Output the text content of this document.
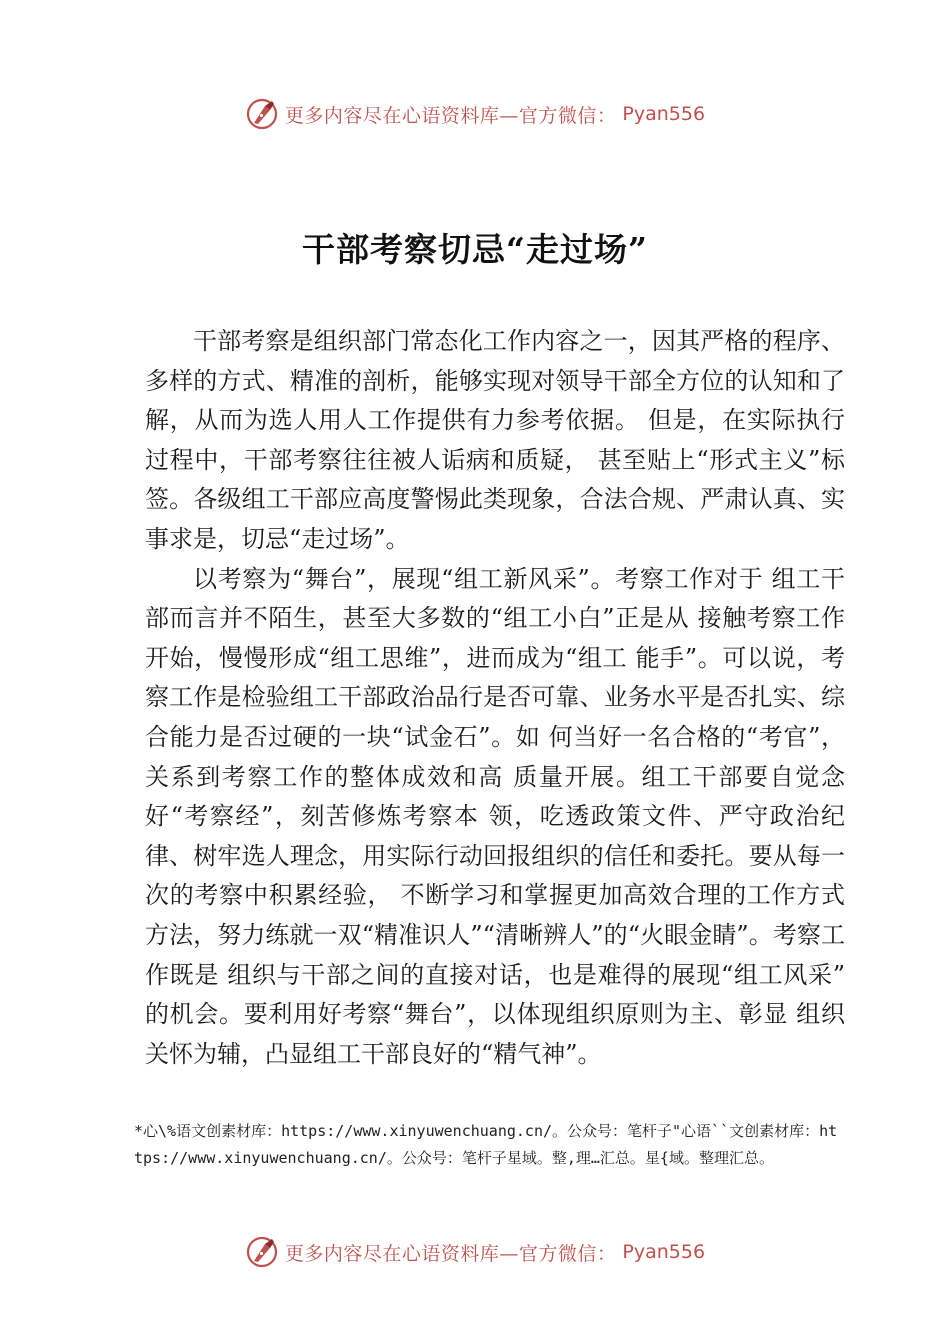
更多内容尽在心语资料库—官方微信： Pyan556
干部考察切忌“走过场”

干部考察是组织部门常态化工作内容之一，因其严格的程序、多样的方式、精准的剖析，能够实现对领导干部全方位的认知和了解，从而为选人用人工作提供有力参考依据。 但是，在实际执行过程中，干部考察往往被人诟病和质疑， 甚至贴上“形式主义”标签。各级组工干部应高度警惕此类现象，合法合规、严肃认真、实事求是，切忌“走过场”。

以考察为“舞台”，展现“组工新风采”。考察工作对于 组工干部而言并不陌生，甚至大多数的“组工小白”正是从 接触考察工作开始，慢慢形成“组工思维”，进而成为“组工 能手”。可以说，考察工作是检验组工干部政治品行是否可靠、业务水平是否扎实、综合能力是否过硬的一块“试金石”。如 何当好一名合格的“考官”，关系到考察工作的整体成效和高 质量开展。组工干部要自觉念好“考察经”，刻苦修炼考察本 领，吃透政策文件、严守政治纪律、树牢选人理念，用实际行动回报组织的信任和委托。要从每一次的考察中积累经验， 不断学习和掌握更加高效合理的工作方式方法，努力练就一双“精准识人”“清晰辨人”的“火眼金睛”。考察工作既是 组织与干部之间的直接对话，也是难得的展现“组工风采” 的机会。要利用好考察“舞台”，以体现组织原则为主、彰显 组织关怀为辅，凸显组工干部良好的“精气神”。

*心\%语文创素材库：https://www.xinyuwenchuang.cn/。公众号：笔杆子"心语``文创素材库：https://www.xinyuwenchuang.cn/。公众号：笔杆子星域。整,理…汇总。星{域。整理汇总。
更多内容尽在心语资料库—官方微信： Pyan556
